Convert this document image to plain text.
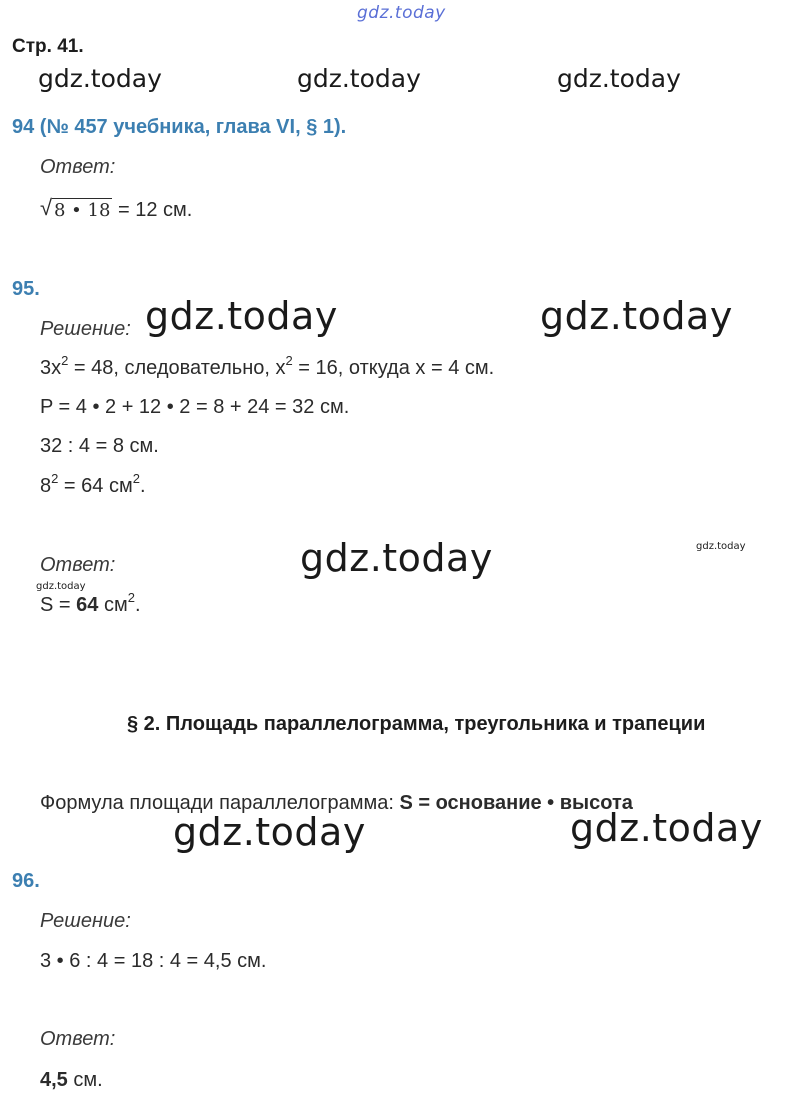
gdz.today
Стр. 41.
gdz.today	gdz.today	gdz.today
94 (№ 457 учебника, глава VI, § 1).
Ответ:
√ 8 • 18 = 12 см.
95.
Решение: gdz.today	gdz.today
$3x^2 = 48$, следовательно, $x^2 = 16$, откуда x = 4 см.
P = 4 • 2 + 12 • 2 = 8 + 24 = 32 см.
32 : 4 = 8 см.
$8^2 = 64$ $см^2$.
Ответ:	gdz.today	gdz.today
gdz.today
S = 64 $см^2$.
§ 2. Площадь параллелограмма, треугольника и трапеции
Формула площади параллелограмма: S = основание • высота
gdz.today	gdz.today
96.
Решение:
3 • 6 : 4 = 18 : 4 = 4,5 см.
Ответ:
4,5 см.
